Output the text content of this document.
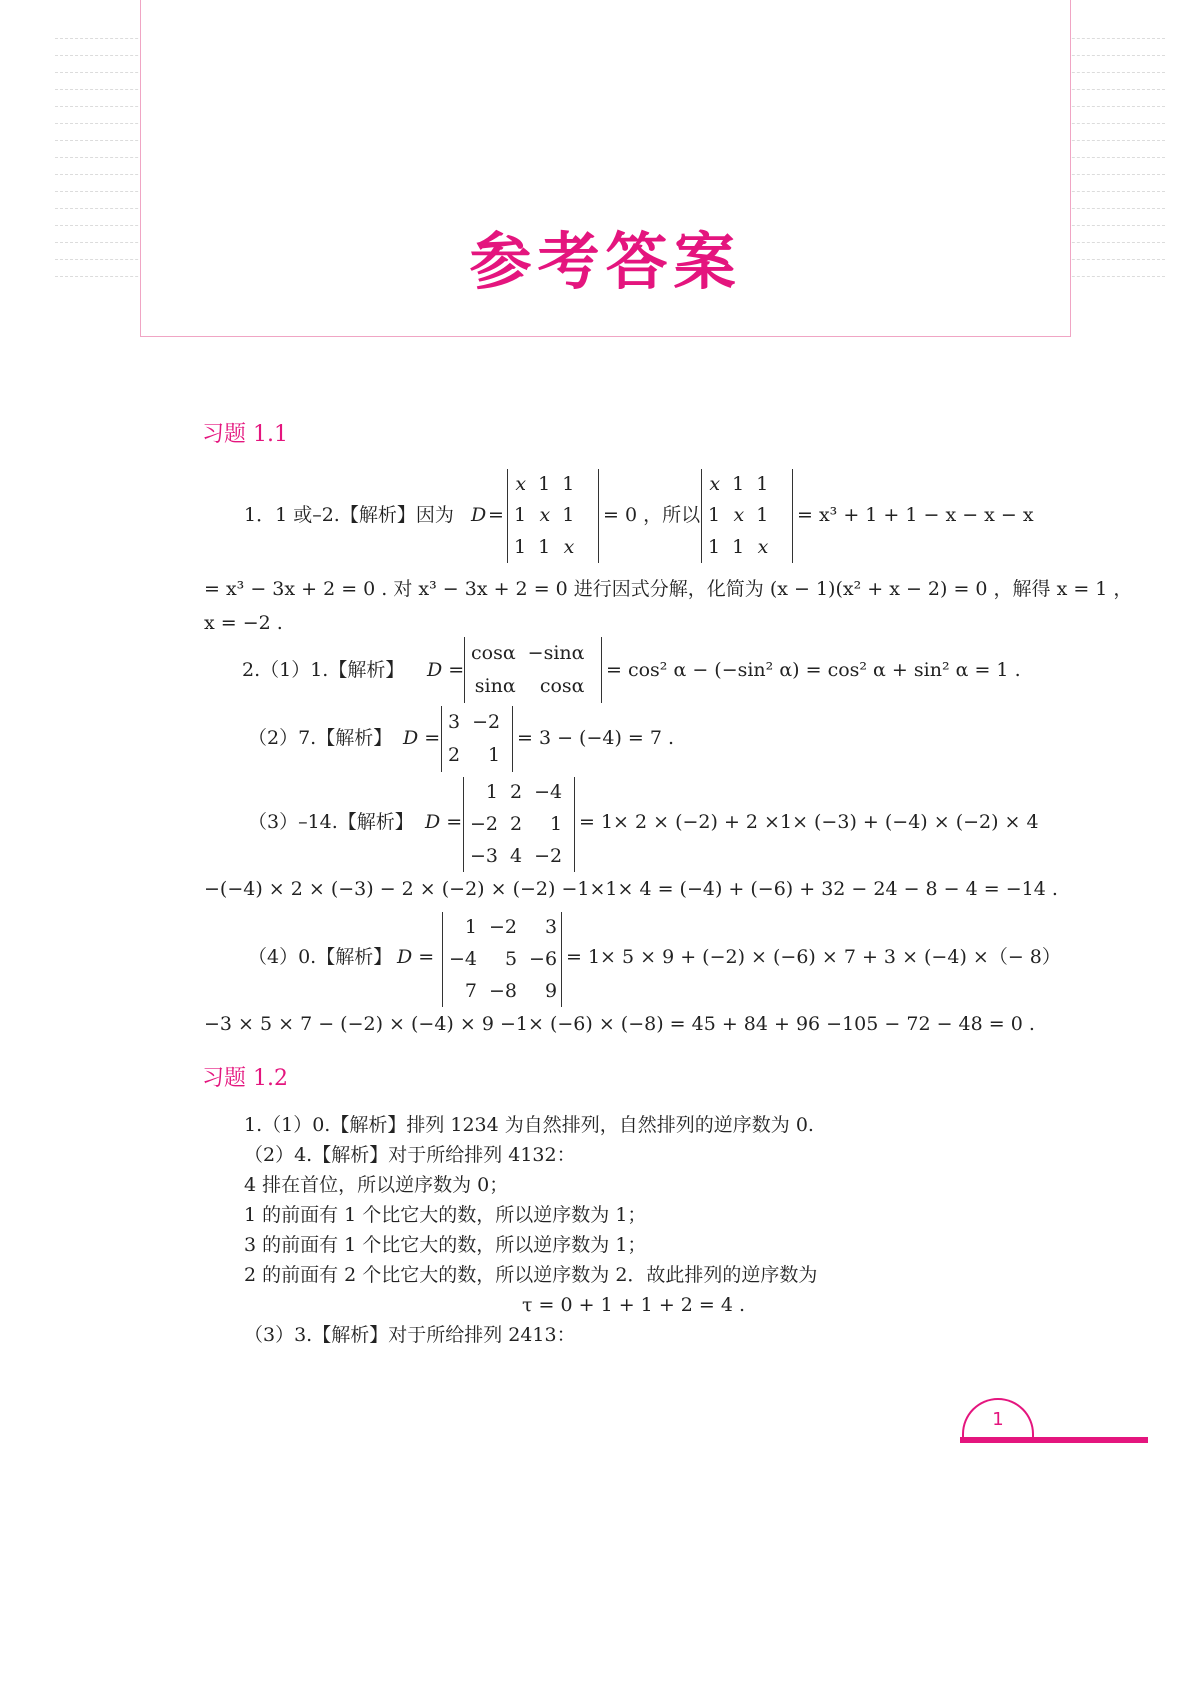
参考答案
习题 1.1
1．1 或–2.【解析】因为 D =
x	1	1
1	x	1
1	1	x
= 0 ，所以
x	1	1
1	x	1
1	1	x
= x³ + 1 + 1 − x − x − x
= x³ − 3x + 2 = 0 . 对 x³ − 3x + 2 = 0 进行因式分解，化简为 (x − 1)(x² + x − 2) = 0 ，解得 x = 1 ，
x = −2 .
2.（1）1.【解析】 D =
cosα	−sinα
sinα	cosα
= cos² α − (−sin² α) = cos² α + sin² α = 1 .
（2）7.【解析】 D =
3	−2
2	1
= 3 − (−4) = 7 .
（3）–14.【解析】 D =
1	2	−4
−2	2	1
−3	4	−2
= 1× 2 × (−2) + 2 ×1× (−3) + (−4) × (−2) × 4
−(−4) × 2 × (−3) − 2 × (−2) × (−2) −1×1× 4 = (−4) + (−6) + 32 − 24 − 8 − 4 = −14 .
（4）0.【解析】 D =
1	−2	3
−4	5	−6
7	−8	9
= 1× 5 × 9 + (−2) × (−6) × 7 + 3 × (−4) ×（− 8）
−3 × 5 × 7 − (−2) × (−4) × 9 −1× (−6) × (−8) = 45 + 84 + 96 −105 − 72 − 48 = 0 .
习题 1.2
1.（1）0.【解析】排列 1234 为自然排列，自然排列的逆序数为 0.
（2）4.【解析】对于所给排列 4132：
4 排在首位，所以逆序数为 0；
1 的前面有 1 个比它大的数，所以逆序数为 1；
3 的前面有 1 个比它大的数，所以逆序数为 1；
2 的前面有 2 个比它大的数，所以逆序数为 2．故此排列的逆序数为
τ = 0 + 1 + 1 + 2 = 4 .
（3）3.【解析】对于所给排列 2413：
1
